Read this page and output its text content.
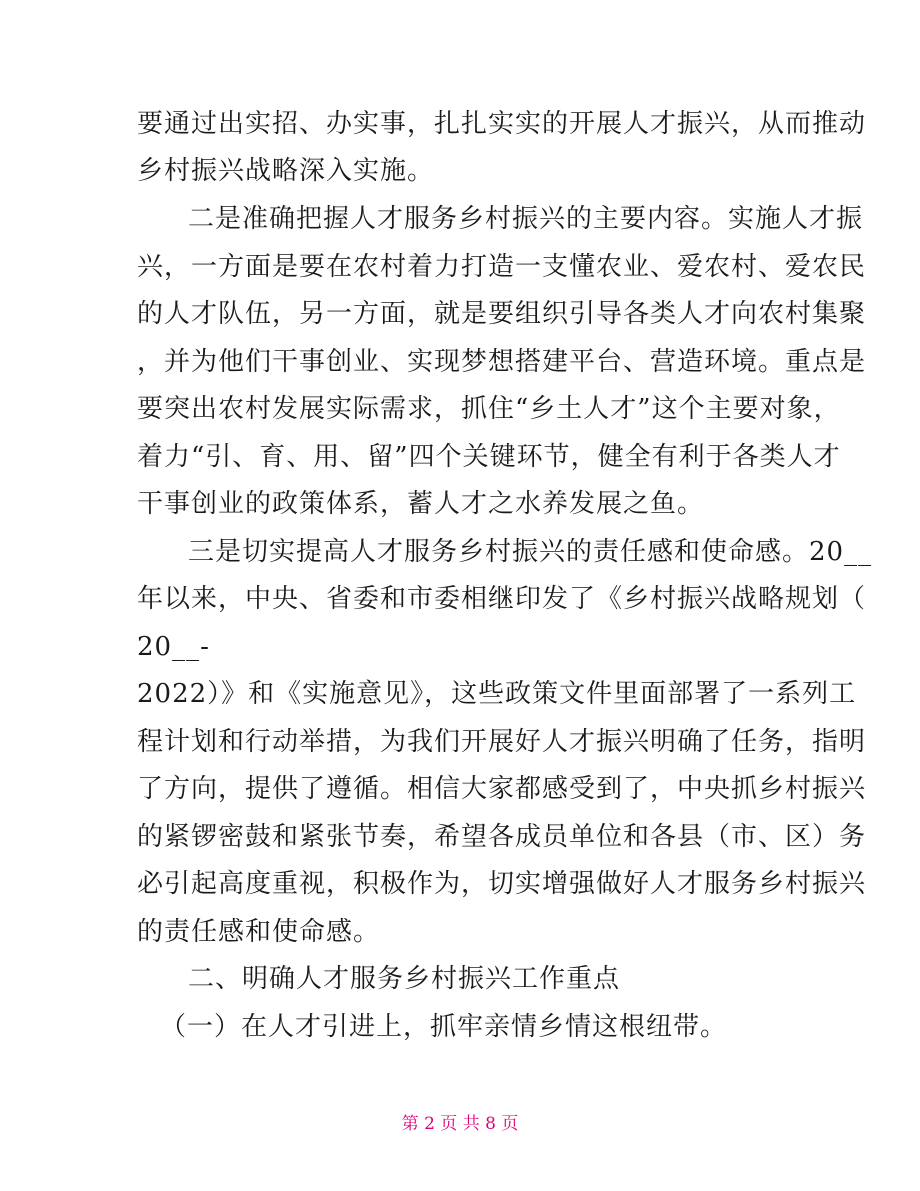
要通过出实招、办实事，扎扎实实的开展人才振兴，从而推动
乡村振兴战略深入实施。
二是准确把握人才服务乡村振兴的主要内容。实施人才振
兴，一方面是要在农村着力打造一支懂农业、爱农村、爱农民
的人才队伍，另一方面，就是要组织引导各类人才向农村集聚
，并为他们干事创业、实现梦想搭建平台、营造环境。重点是
要突出农村发展实际需求，抓住“乡土人才”这个主要对象，
着力“引、育、用、留”四个关键环节，健全有利于各类人才
干事创业的政策体系，蓄人才之水养发展之鱼。
三是切实提高人才服务乡村振兴的责任感和使命感。20__
年以来，中央、省委和市委相继印发了《乡村振兴战略规划（
20__-
2022）》和《实施意见》，这些政策文件里面部署了一系列工
程计划和行动举措，为我们开展好人才振兴明确了任务，指明
了方向，提供了遵循。相信大家都感受到了，中央抓乡村振兴
的紧锣密鼓和紧张节奏，希望各成员单位和各县（市、区）务
必引起高度重视，积极作为，切实增强做好人才服务乡村振兴
的责任感和使命感。
二、明确人才服务乡村振兴工作重点
（一）在人才引进上，抓牢亲情乡情这根纽带。
第 2 页 共 8 页
